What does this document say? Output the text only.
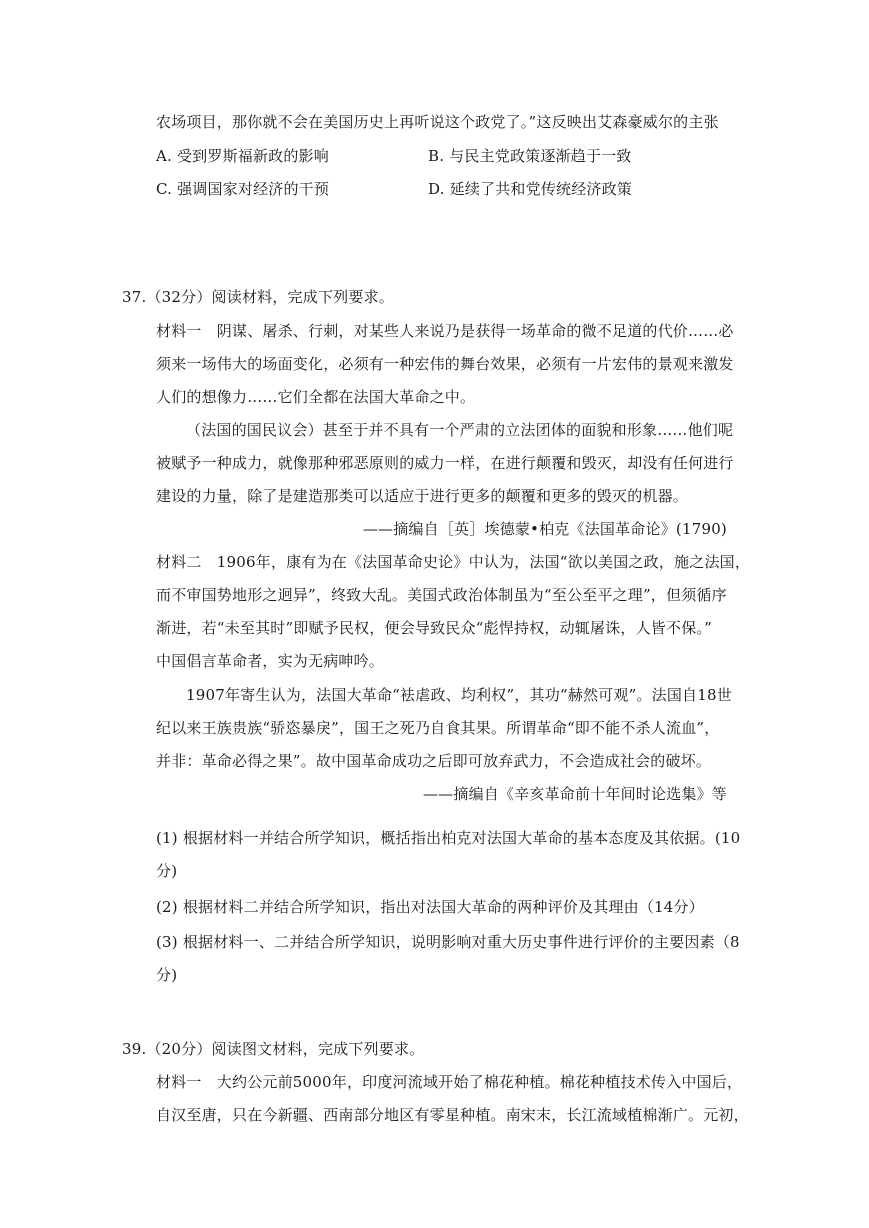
农场项目，那你就不会在美国历史上再听说这个政党了。”这反映出艾森豪威尔的主张
A. 受到罗斯福新政的影响	B. 与民主党政策逐渐趋于一致
C. 强调国家对经济的干预	D. 延续了共和党传统经济政策
37.（32分）阅读材料，完成下列要求。
材料一　阴谋、屠杀、行刺，对某些人来说乃是获得一场革命的微不足道的代价……必
须来一场伟大的场面变化，必须有一种宏伟的舞台效果，必须有一片宏伟的景观来激发
人们的想像力……它们全都在法国大革命之中。
（法国的国民议会）甚至于并不具有一个严肃的立法团体的面貌和形象……他们呢
被赋予一种成力，就像那种邪恶原则的威力一样，在进行颠覆和毁灭，却没有任何进行
建设的力量，除了是建造那类可以适应于进行更多的颠覆和更多的毁灭的机器。
——摘编自［英］埃德蒙•柏克《法国革命论》(1790)
材料二　1906年，康有为在《法国革命史论》中认为，法国“欲以美国之政，施之法国，
而不审国势地形之迥异”，终致大乱。美国式政治体制虽为“至公至平之理”，但须循序
渐进，若“未至其时”即赋予民权，便会导致民众“彪悍持权，动辄屠诛，人皆不保。”
中国倡言革命者，实为无病呻吟。
1907年寄生认为，法国大革命“袪虐政、均利权”，其功“赫然可观”。法国自18世
纪以来王族贵族“骄恣暴戾”，国王之死乃自食其果。所谓革命“即不能不杀人流血”，
并非：革命必得之果”。故中国革命成功之后即可放弃武力，不会造成社会的破坏。
——摘编自《辛亥革命前十年间时论选集》等
(1) 根据材料一并结合所学知识，概括指出柏克对法国大革命的基本态度及其依据。(10
分)
(2) 根据材料二并结合所学知识，指出对法国大革命的两种评价及其理由（14分）
(3) 根据材料一、二并结合所学知识，说明影响对重大历史事件进行评价的主要因素（8
分)
39.（20分）阅读图文材料，完成下列要求。
材料一　大约公元前5000年，印度河流域开始了棉花种植。棉花种植技术传入中国后，
自汉至唐，只在今新疆、西南部分地区有零星种植。南宋末，长江流域植棉渐广。元初，
